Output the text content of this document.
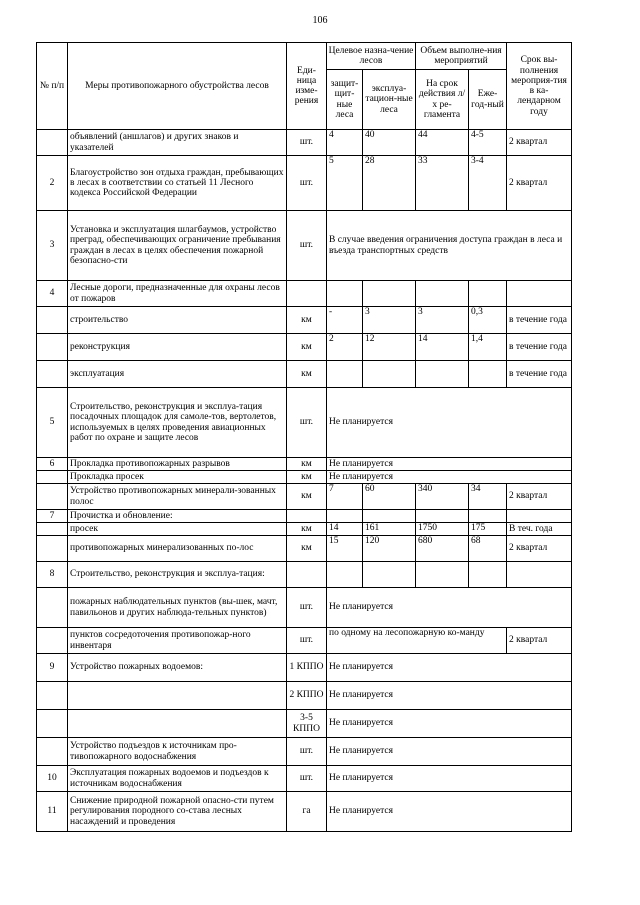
106
№ п/п	Меры противопожарного обустройства лесов	Еди-ница изме-рения	Целевое назна-чение лесов		Объем выполне-ния мероприятий		Срок вы-полнения мероприя-тия в ка-лендарном году
			защит-щит-ные леса	эксплуа-тацион-ные леса	На срок действия л/х ре-гламента	Еже-год-ный	
	объявлений (аншлагов) и других знаков и указателей	шт.	4	40	44	4-5	2 квартал
2	Благоустройство зон отдыха граждан, пребывающих в лесах в соответствии со статьей 11 Лесного кодекса Российской Федерации	шт.	5	28	33	3-4	2 квартал
3	Установка и эксплуатация шлагбаумов, устройство преград, обеспечивающих ограничение пребывания граждан в лесах в целях обеспечения пожарной безопасно-сти	шт.	В случае введения ограничения доступа граждан в леса и въезда транспортных средств				
4	Лесные дороги, предназначенные для охраны лесов от пожаров						
	строительство	км	-	3	3	0,3	в течение года
	реконструкция	км	2	12	14	1,4	в течение года
	эксплуатация	км					в течение года
5	Строительство, реконструкция и эксплуа-тация посадочных площадок для самоле-тов, вертолетов, используемых в целях проведения авиационных работ по охране и защите лесов	шт.	Не планируется				
6	Прокладка противопожарных разрывов	км	Не планируется				
	Прокладка просек	км	Не планируется				
	Устройство противопожарных минерали-зованных полос	км	7	60	340	34	2 квартал
7	Прочистка и обновление:						
	просек	км	14	161	1750	175	В теч. года
	противопожарных минерализованных по-лос	км	15	120	680	68	2 квартал
8	Строительство, реконструкция и эксплуа-тация:						
	пожарных наблюдательных пунктов (вы-шек, мачт, павильонов и других наблюда-тельных пунктов)	шт.	Не планируется				
	пунктов сосредоточения противопожар-ного инвентаря	шт.	по одному на лесопожарную ко-манду				2 квартал
9	Устройство пожарных водоемов:	1 КППО	Не планируется				
		2 КППО	Не планируется				
		3-5 КППО	Не планируется				
	Устройство подъездов к источникам про-тивопожарного водоснабжения	шт.	Не планируется				
10	Эксплуатация пожарных водоемов и подъездов к источникам водоснабжения	шт.	Не планируется				
11	Снижение природной пожарной опасно-сти путем регулирования породного со-става лесных насаждений и проведения	га	Не планируется				
